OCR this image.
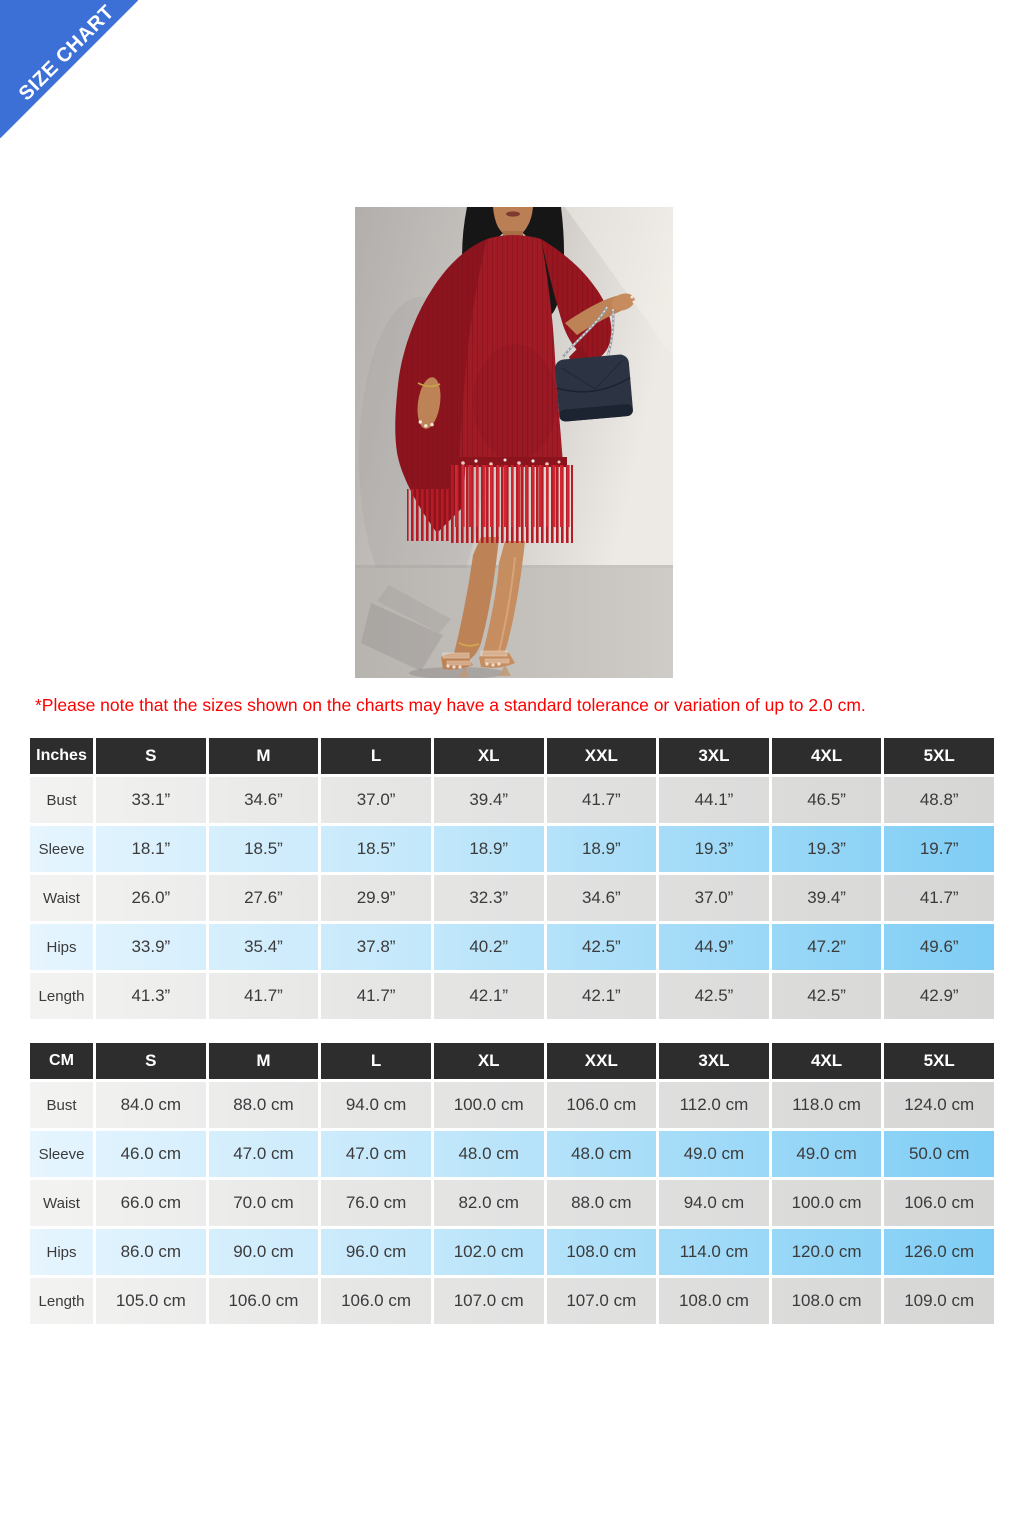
SIZE CHART
*Please note that the sizes shown on the charts may have a standard tolerance or variation of up to 2.0 cm.
Inches	S	M	L	XL	XXL	3XL	4XL	5XL
Bust	33.1”	34.6”	37.0”	39.4”	41.7”	44.1”	46.5”	48.8”
Sleeve	18.1”	18.5”	18.5”	18.9”	18.9”	19.3”	19.3”	19.7”
Waist	26.0”	27.6”	29.9”	32.3”	34.6”	37.0”	39.4”	41.7”
Hips	33.9”	35.4”	37.8”	40.2”	42.5”	44.9”	47.2”	49.6”
Length	41.3”	41.7”	41.7”	42.1”	42.1”	42.5”	42.5”	42.9”
CM	S	M	L	XL	XXL	3XL	4XL	5XL
Bust	84.0 cm	88.0 cm	94.0 cm	100.0 cm	106.0 cm	112.0 cm	118.0 cm	124.0 cm
Sleeve	46.0 cm	47.0 cm	47.0 cm	48.0 cm	48.0 cm	49.0 cm	49.0 cm	50.0 cm
Waist	66.0 cm	70.0 cm	76.0 cm	82.0 cm	88.0 cm	94.0 cm	100.0 cm	106.0 cm
Hips	86.0 cm	90.0 cm	96.0 cm	102.0 cm	108.0 cm	114.0 cm	120.0 cm	126.0 cm
Length	105.0 cm	106.0 cm	106.0 cm	107.0 cm	107.0 cm	108.0 cm	108.0 cm	109.0 cm
